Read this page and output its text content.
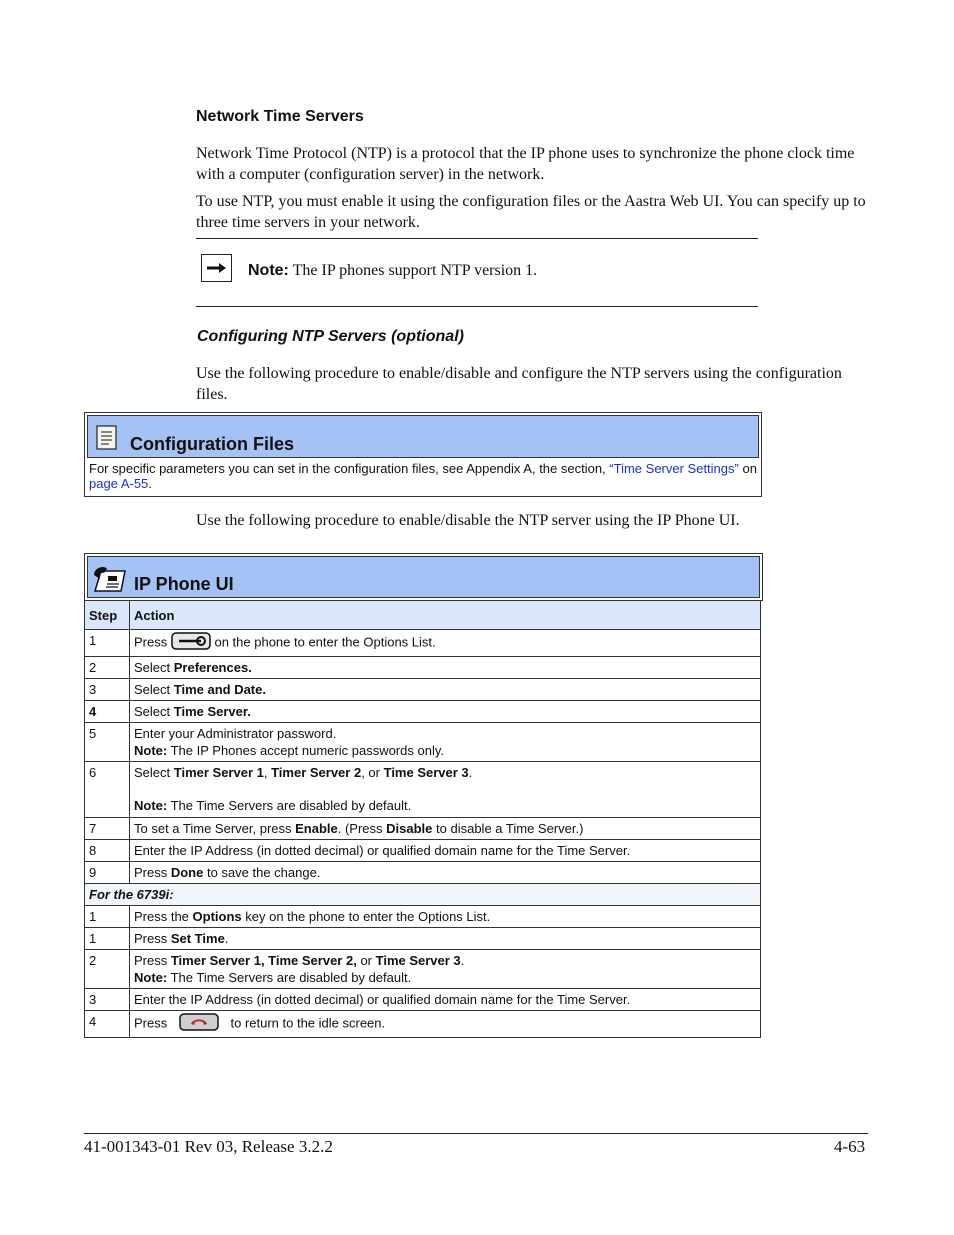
Network Time Servers
Network Time Protocol (NTP) is a protocol that the IP phone uses to synchronize the phone clock time with a computer (configuration server) in the network.
To use NTP, you must enable it using the configuration files or the Aastra Web UI. You can specify up to three time servers in your network.
Note: The IP phones support NTP version 1.
Configuring NTP Servers (optional)
Use the following procedure to enable/disable and configure the NTP servers using the configuration files.
Configuration Files
For specific parameters you can set in the configuration files, see Appendix A, the section, “Time Server Settings” on page A-55.
Use the following procedure to enable/disable the NTP server using the IP Phone UI.
IP Phone UI
Step	Action
1	Press on the phone to enter the Options List.
2	Select Preferences.
3	Select Time and Date.
4	Select Time Server.
5	Enter your Administrator password.
Note: The IP Phones accept numeric passwords only.

6	Select Timer Server 1, Timer Server 2, or Time Server 3.
Note: The Time Servers are disabled by default.

7	To set a Time Server, press Enable. (Press Disable to disable a Time Server.)
8	Enter the IP Address (in dotted decimal) or qualified domain name for the Time Server.
9	Press Done to save the change.
For the 6739i:	
1	Press the Options key on the phone to enter the Options List.
1	Press Set Time.
2	Press Timer Server 1, Time Server 2, or Time Server 3.
Note: The Time Servers are disabled by default.

3	Enter the IP Address (in dotted decimal) or qualified domain name for the Time Server.
4	Press to return to the idle screen.
41-001343-01 Rev 03, Release 3.2.2	4-63
